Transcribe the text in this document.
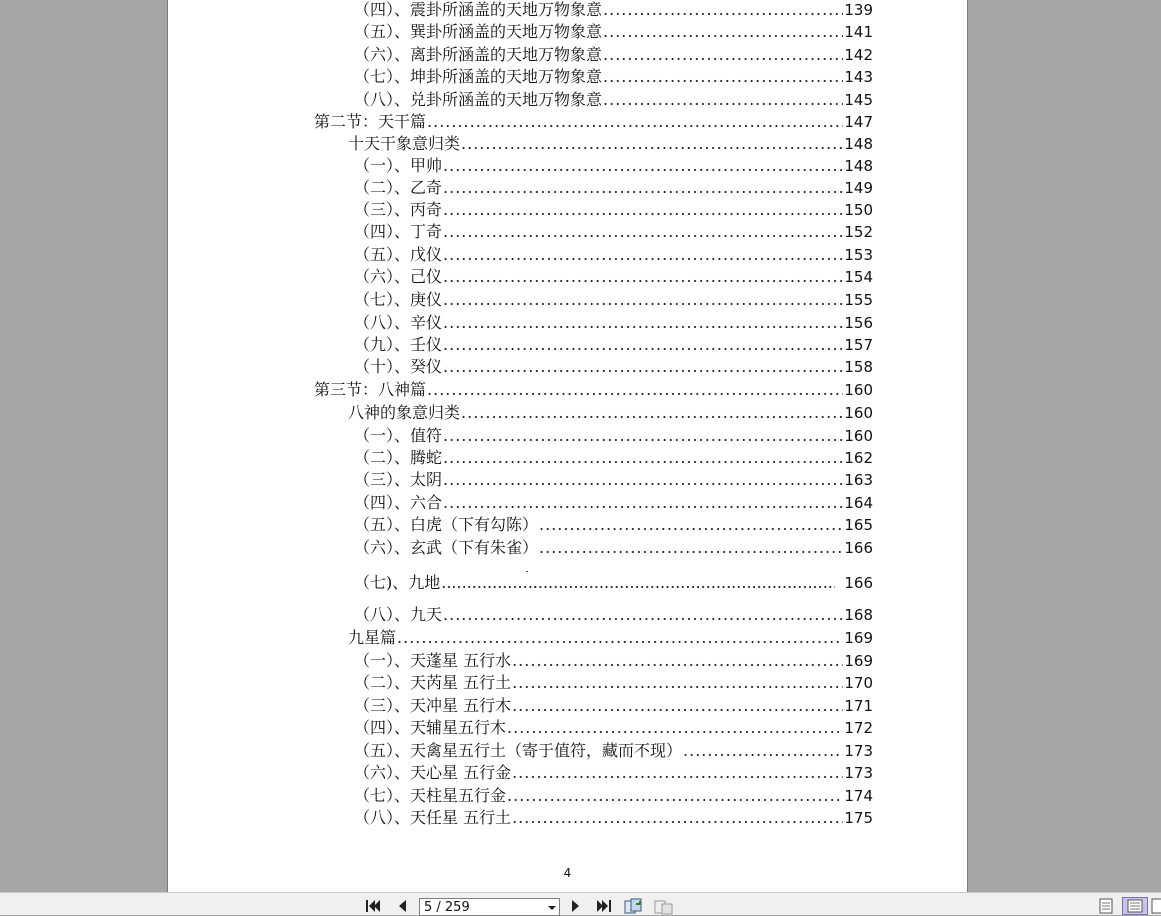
（四）、震卦所涵盖的天地万物象意 .....	139
（五）、巽卦所涵盖的天地万物象意 .....	141
（六）、离卦所涵盖的天地万物象意 .....	142
（七）、坤卦所涵盖的天地万物象意 .....	143
（八）、兑卦所涵盖的天地万物象意 .....	145
第二节：天干篇 .....	147
十天干象意归类 .....	148
（一）、甲帅 .....	148
（二）、乙奇 .....	149
（三）、丙奇 .....	150
（四）、丁奇 .....	152
（五）、戊仪 .....	153
（六）、己仪 .....	154
（七）、庚仪 .....	155
（八）、辛仪 .....	156
（九）、壬仪 .....	157
（十）、癸仪 .....	158
第三节：八神篇 .....	160
八神的象意归类 .....	160
（一）、值符 .....	160
（二）、腾蛇 .....	162
（三）、太阴 .....	163
（四）、六合 .....	164
（五）、白虎（下有勾陈） .....	165
（六）、玄武（下有朱雀） .....	166
（七)、九地 .....	166
（八）、九天 .....	168
九星篇 .....	169
（一）、天蓬星 五行水 .....	169
（二）、天芮星 五行土 .....	170
（三）、天冲星 五行木 .....	171
（四）、天辅星五行木 .....	172
（五）、天禽星五行土（寄于值符，藏而不现） .....	173
（六）、天心星 五行金 .....	173
（七）、天柱星五行金 .....	174
（八）、天任星 五行土 .....	175
4
5 / 259
